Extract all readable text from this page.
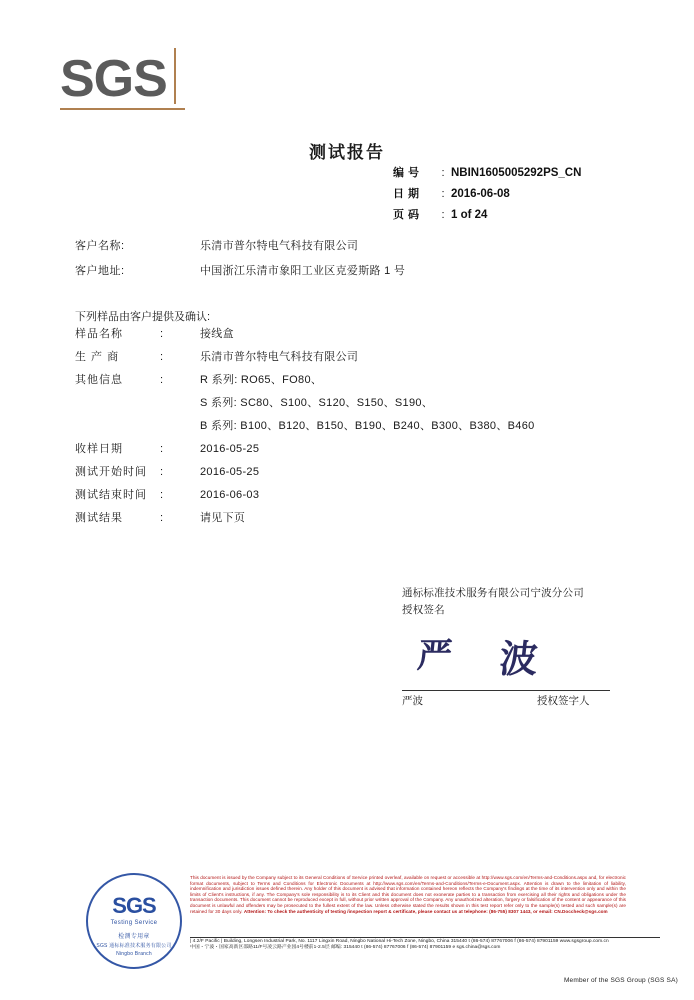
SGS
测试报告
编号	: NBIN1605005292PS_CN
日期	: 2016-06-08
页码	: 1 of 24
客户名称:	乐清市普尔特电气科技有限公司
客户地址:	中国浙江乐清市象阳工业区克爱斯路 1 号
下列样品由客户提供及确认:
样品名称	:	接线盒
生 产 商	:	乐清市普尔特电气科技有限公司
其他信息	:	R 系列: RO65、FO80、
S 系列: SC80、S100、S120、S150、S190、
B 系列: B100、B120、B150、B190、B240、B300、B380、B460
收样日期	:	2016-05-25
测试开始时间	:	2016-05-25
测试结束时间	:	2016-06-03
测试结果	:	请见下页
通标标准技术服务有限公司宁波分公司
授权签名
严 波
严波	授权签字人
SGS
Testing Service
检测专用章
SGS 通标标准技术服务有限公司
Ningbo Branch
This document is issued by the Company subject to its General Conditions of Service printed overleaf, available on request or accessible at http://www.sgs.com/en/Terms-and-Conditions.aspx and, for electronic format documents, subject to Terms and Conditions for Electronic Documents at http://www.sgs.com/en/Terms-and-Conditions/Terms-e-Document.aspx. Attention is drawn to the limitation of liability, indemnification and jurisdiction issues defined therein. Any holder of this document is advised that information contained hereon reflects the Company's findings at the time of its intervention only and within the limits of Client's instructions, if any. The Company's sole responsibility is to its Client and this document does not exonerate parties to a transaction from exercising all their rights and obligations under the transaction documents. This document cannot be reproduced except in full, without prior written approval of the Company. Any unauthorized alteration, forgery or falsification of the content or appearance of this document is unlawful and offenders may be prosecuted to the fullest extent of the law. Unless otherwise stated the results shown in this test report refer only to the sample(s) tested and such sample(s) are retained for 30 days only. Attention: To check the authenticity of testing /inspection report & certificate, please contact us at telephone: (86-755) 8307 1443, or email: CN.Doccheck@sgs.com
| 4.2/F Pacific | Building, Longsen Industrial Park, No. 1117 Lingxin Road, Ningbo National Hi-Tech Zone, Ningbo, China 315440 t (86-574) 87767006 f (86-574) 87901159 www.sgsgroup.com.cn
中国・宁波・国家高新区邵路11/F号凌云路产业园4号楼前1-2.5层 邮编: 315440 t (86-574) 87767006 f (86-574) 87901159 e sgs.china@sgs.com
Member of the SGS Group (SGS SA)
